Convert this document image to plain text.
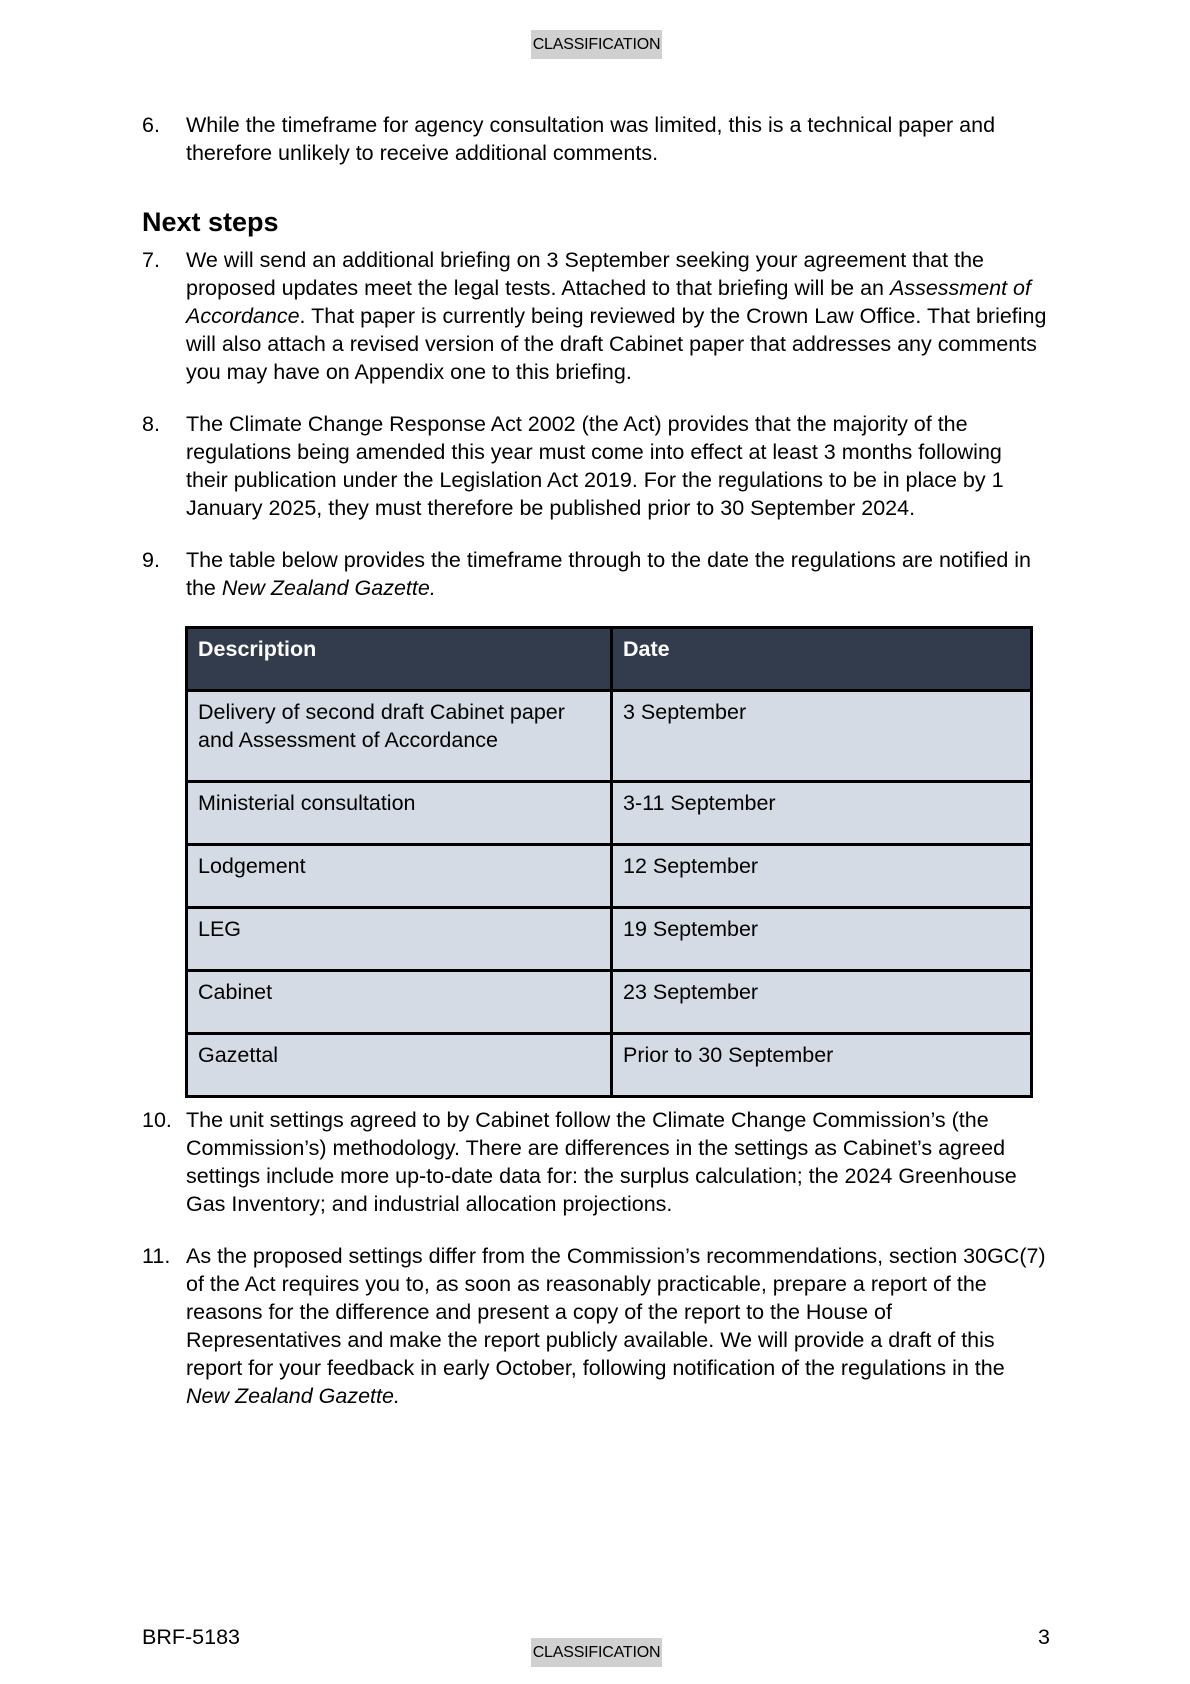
CLASSIFICATION
6.	While the timeframe for agency consultation was limited, this is a technical paper and therefore unlikely to receive additional comments.
Next steps
7.	We will send an additional briefing on 3 September seeking your agreement that the proposed updates meet the legal tests. Attached to that briefing will be an Assessment of Accordance. That paper is currently being reviewed by the Crown Law Office. That briefing will also attach a revised version of the draft Cabinet paper that addresses any comments you may have on Appendix one to this briefing.
8.	The Climate Change Response Act 2002 (the Act) provides that the majority of the regulations being amended this year must come into effect at least 3 months following their publication under the Legislation Act 2019. For the regulations to be in place by 1 January 2025, they must therefore be published prior to 30 September 2024.
9.	The table below provides the timeframe through to the date the regulations are notified in the New Zealand Gazette.
Description	Date
Delivery of second draft Cabinet paper and Assessment of Accordance	3 September
Ministerial consultation	3-11 September
Lodgement	12 September
LEG	19 September
Cabinet	23 September
Gazettal	Prior to 30 September
10. The unit settings agreed to by Cabinet follow the Climate Change Commission’s (the Commission’s) methodology. There are differences in the settings as Cabinet’s agreed settings include more up-to-date data for: the surplus calculation; the 2024 Greenhouse Gas Inventory; and industrial allocation projections.
11. As the proposed settings differ from the Commission’s recommendations, section 30GC(7) of the Act requires you to, as soon as reasonably practicable, prepare a report of the reasons for the difference and present a copy of the report to the House of Representatives and make the report publicly available. We will provide a draft of this report for your feedback in early October, following notification of the regulations in the New Zealand Gazette.
BRF-5183
CLASSIFICATION
3
